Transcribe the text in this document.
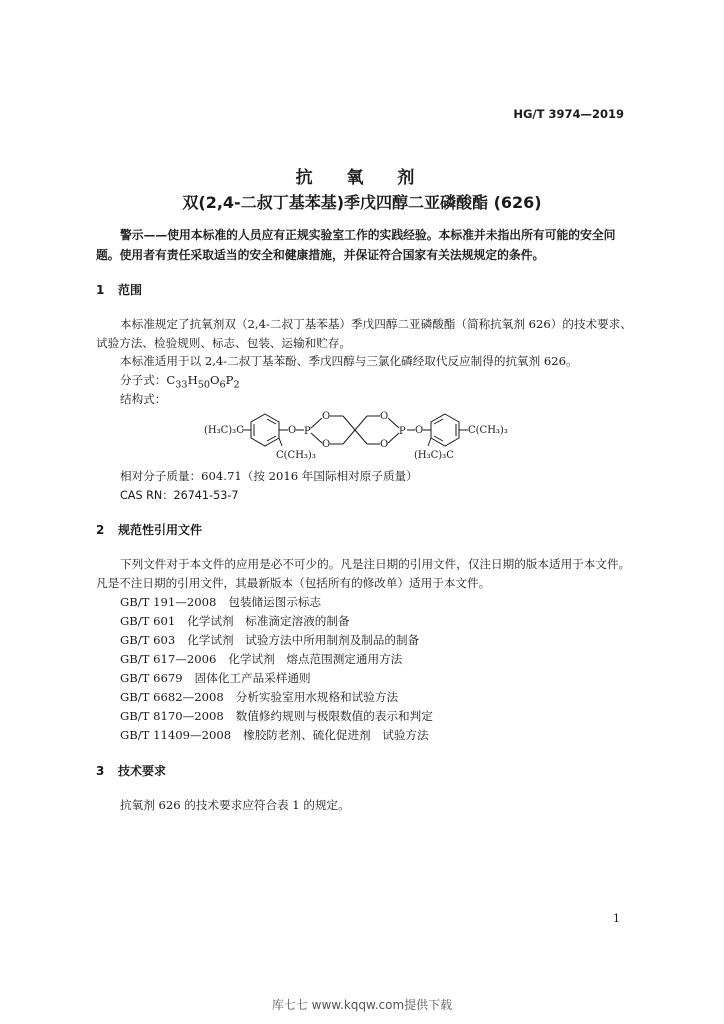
HG/T 3974—2019
抗 氧 剂
双(2,4-二叔丁基苯基)季戊四醇二亚磷酸酯 (626)
警示——使用本标准的人员应有正规实验室工作的实践经验。本标准并未指出所有可能的安全问题。使用者有责任采取适当的安全和健康措施，并保证符合国家有关法规规定的条件。
1 范围
本标准规定了抗氧剂双（2,4-二叔丁基苯基）季戊四醇二亚磷酸酯（简称抗氧剂 626）的技术要求、试验方法、检验规则、标志、包装、运输和贮存。
本标准适用于以 2,4-二叔丁基苯酚、季戊四醇与三氯化磷经取代反应制得的抗氧剂 626。
分子式：$C_{33}H_{50}O_6P_2$
结构式：
(H₃C)₃C	O P
O
O
O
O
P O	C(CH₃)₃
C(CH₃)₃	(H₃C)₃C
相对分子质量：604.71（按 2016 年国际相对原子质量）
CAS RN：26741-53-7
2 规范性引用文件
下列文件对于本文件的应用是必不可少的。凡是注日期的引用文件，仅注日期的版本适用于本文件。凡是不注日期的引用文件，其最新版本（包括所有的修改单）适用于本文件。
GB/T 191—2008 包装储运图示标志
GB/T 601 化学试剂　标准滴定溶液的制备
GB/T 603 化学试剂　试验方法中所用制剂及制品的制备
GB/T 617—2006 化学试剂　熔点范围测定通用方法
GB/T 6679 固体化工产品采样通则
GB/T 6682—2008 分析实验室用水规格和试验方法
GB/T 8170—2008 数值修约规则与极限数值的表示和判定
GB/T 11409—2008 橡胶防老剂、硫化促进剂　试验方法
3 技术要求
抗氧剂 626 的技术要求应符合表 1 的规定。
1
库七七 www.kqqw.com提供下载
